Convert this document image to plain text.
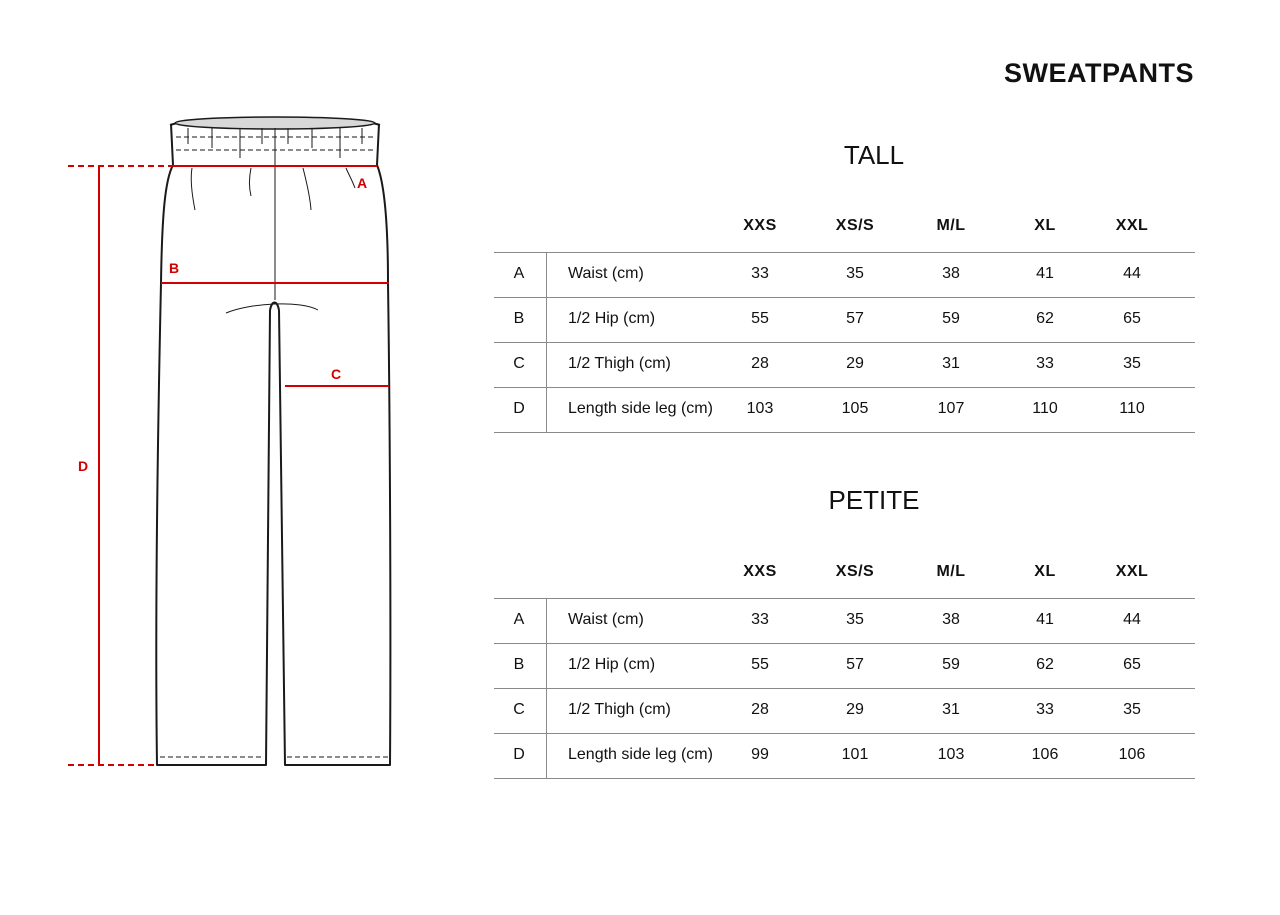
A
B
C
D
SWEATPANTS
TALL
XXS	XS/S	M/L	XL	XXL
A	Waist (cm)	33	35	38	41	44
B	1/2 Hip (cm)	55	57	59	62	65
C	1/2 Thigh (cm)	28	29	31	33	35
D	Length side leg (cm)	103	105	107	110	110
PETITE
XXS	XS/S	M/L	XL	XXL
A	Waist (cm)	33	35	38	41	44
B	1/2 Hip (cm)	55	57	59	62	65
C	1/2 Thigh (cm)	28	29	31	33	35
D	Length side leg (cm)	99	101	103	106	106
